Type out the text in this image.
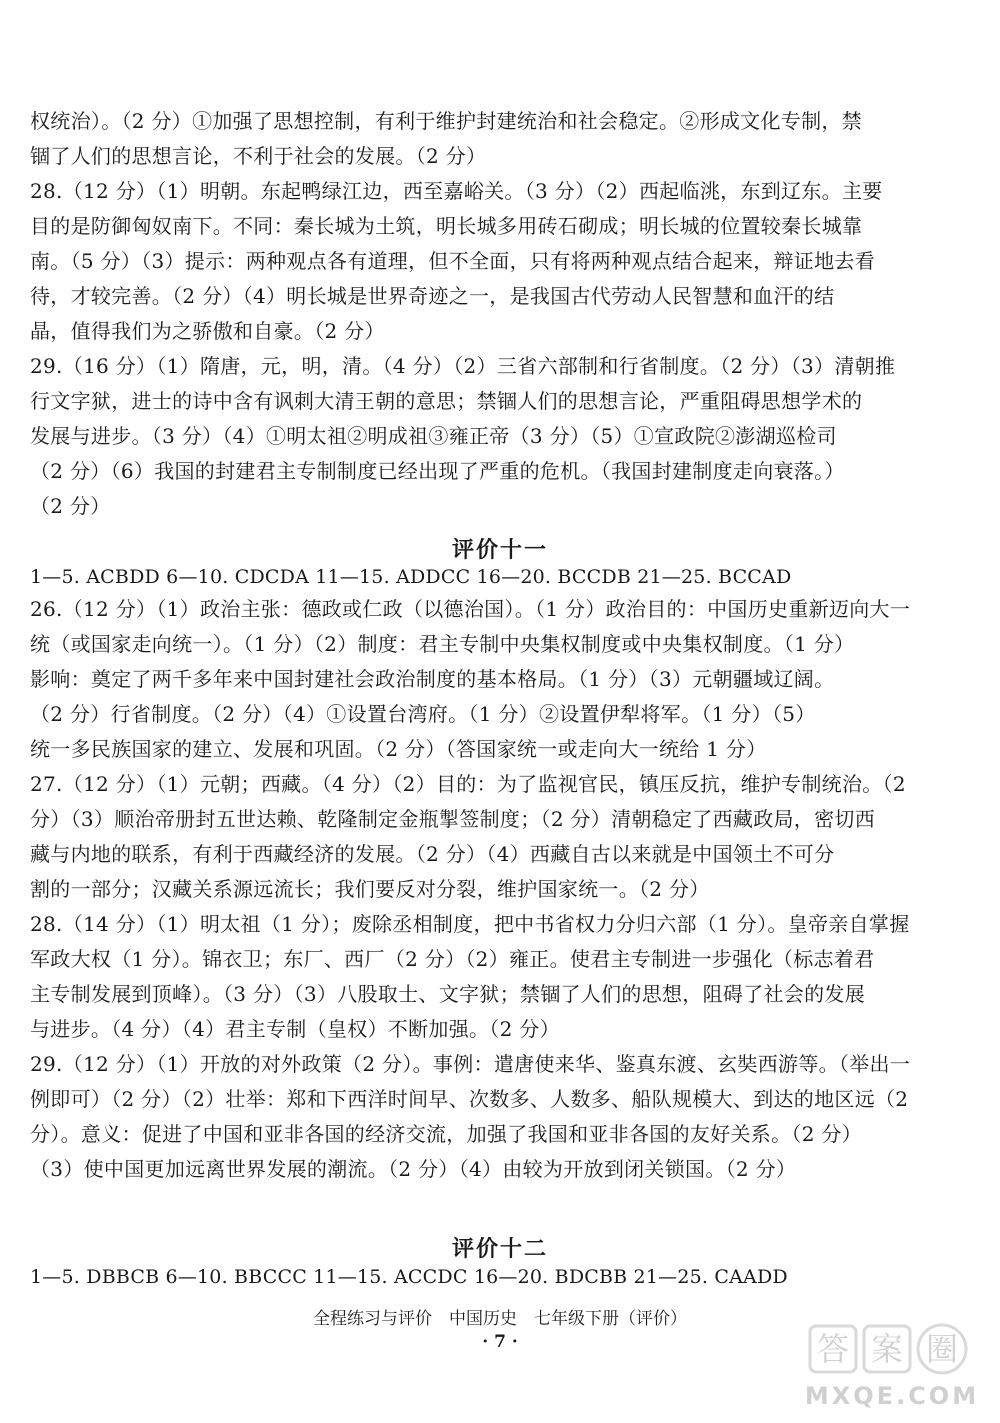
权统治）。（2 分）①加强了思想控制，有利于维护封建统治和社会稳定。②形成文化专制，禁
锢了人们的思想言论，不利于社会的发展。（2 分）
28.（12 分）（1）明朝。东起鸭绿江边，西至嘉峪关。（3 分）（2）西起临洮，东到辽东。主要
目的是防御匈奴南下。不同：秦长城为土筑，明长城多用砖石砌成；明长城的位置较秦长城靠
南。（5 分）（3）提示：两种观点各有道理，但不全面，只有将两种观点结合起来，辩证地去看
待，才较完善。（2 分）（4）明长城是世界奇迹之一，是我国古代劳动人民智慧和血汗的结
晶，值得我们为之骄傲和自豪。（2 分）
29.（16 分）（1）隋唐，元，明，清。（4 分）（2）三省六部制和行省制度。（2 分）（3）清朝推
行文字狱，进士的诗中含有讽刺大清王朝的意思；禁锢人们的思想言论，严重阻碍思想学术的
发展与进步。（3 分）（4）①明太祖②明成祖③雍正帝（3 分）（5）①宣政院②澎湖巡检司
（2 分）（6）我国的封建君主专制制度已经出现了严重的危机。（我国封建制度走向衰落。）
（2 分）
评价十一
1—5. ACBDD 6—10. CDCDA 11—15. ADDCC 16—20. BCCDB 21—25. BCCAD
26.（12 分）（1）政治主张：德政或仁政（以德治国）。（1 分）政治目的：中国历史重新迈向大一
统（或国家走向统一）。（1 分）（2）制度：君主专制中央集权制度或中央集权制度。（1 分）
影响：奠定了两千多年来中国封建社会政治制度的基本格局。（1 分）（3）元朝疆域辽阔。
（2 分）行省制度。（2 分）（4）①设置台湾府。（1 分）②设置伊犁将军。（1 分）（5）
统一多民族国家的建立、发展和巩固。（2 分）（答国家统一或走向大一统给 1 分）
27.（12 分）（1）元朝；西藏。（4 分）（2）目的：为了监视官民，镇压反抗，维护专制统治。（2
分）（3）顺治帝册封五世达赖、乾隆制定金瓶掣签制度；（2 分）清朝稳定了西藏政局，密切西
藏与内地的联系，有利于西藏经济的发展。（2 分）（4）西藏自古以来就是中国领土不可分
割的一部分；汉藏关系源远流长；我们要反对分裂，维护国家统一。（2 分）
28.（14 分）（1）明太祖（1 分）；废除丞相制度，把中书省权力分归六部（1 分）。皇帝亲自掌握
军政大权（1 分）。锦衣卫；东厂、西厂（2 分）（2）雍正。使君主专制进一步强化（标志着君
主专制发展到顶峰）。（3 分）（3）八股取士、文字狱；禁锢了人们的思想，阻碍了社会的发展
与进步。（4 分）（4）君主专制（皇权）不断加强。（2 分）
29.（12 分）（1）开放的对外政策（2 分）。事例：遣唐使来华、鉴真东渡、玄奘西游等。（举出一
例即可）（2 分）（2）壮举：郑和下西洋时间早、次数多、人数多、船队规模大、到达的地区远（2
分）。意义：促进了中国和亚非各国的经济交流，加强了我国和亚非各国的友好关系。（2 分）
（3）使中国更加远离世界发展的潮流。（2 分）（4）由较为开放到闭关锁国。（2 分）
评价十二
1—5. DBBCB 6—10. BBCCC 11—15. ACCDC 16—20. BDCBB 21—25. CAADD
全程练习与评价　中国历史　七年级下册（评价）
· 7 ·	答 案 圈
MXQE.COM
